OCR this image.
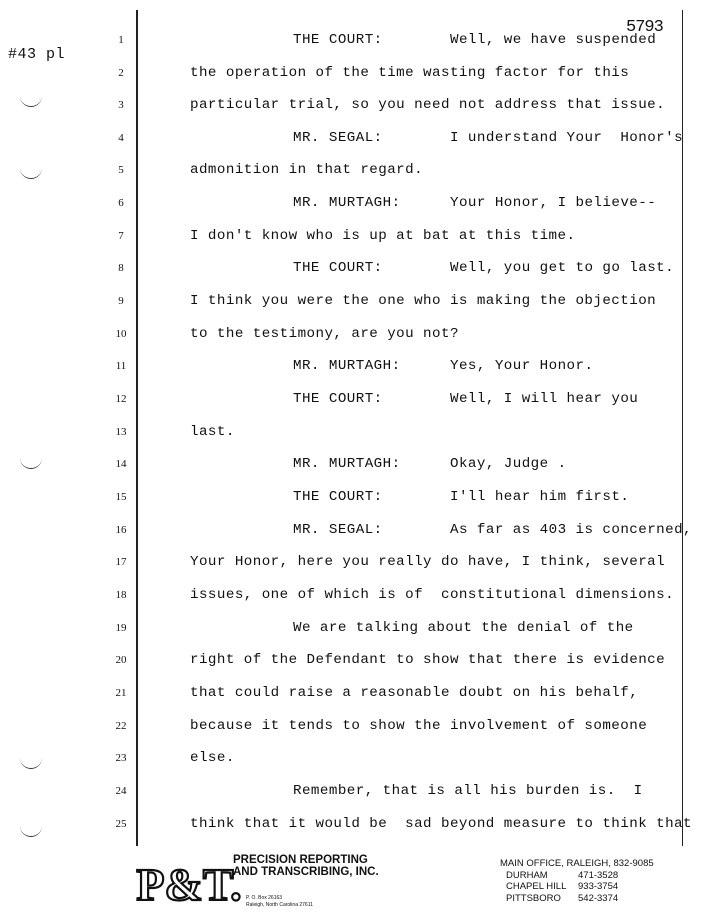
#43 pl
5793
1
2
3
4
5
6
7
8
9
10
11
12
13
14
15
16
17
18
19
20
21
22
23
24
25
THE COURT:	Well, we have suspended
the operation of the time wasting factor for this
particular trial, so you need not address that issue.
MR. SEGAL:	I understand Your  Honor's
admonition in that regard.
MR. MURTAGH:	Your Honor, I believe--
I don't know who is up at bat at this time.
THE COURT:	Well, you get to go last.
I think you were the one who is making the objection
to the testimony, are you not?
MR. MURTAGH:	Yes, Your Honor.
THE COURT:	Well, I will hear you
last.
MR. MURTAGH:	Okay, Judge .
THE COURT:	I'll hear him first.
MR. SEGAL:	As far as 403 is concerned,
Your Honor, here you really do have, I think, several
issues, one of which is of  constitutional dimensions.
We are talking about the denial of the
right of the Defendant to show that there is evidence
that could raise a reasonable doubt on his behalf,
because it tends to show the involvement of someone
else.
Remember, that is all his burden is.  I
think that it would be  sad beyond measure to think that
P&T.
PRECISION REPORTING
AND TRANSCRIBING, INC.
P. O. Box 26163
Raleigh, North Carolina 27611
MAIN OFFICE, RALEIGH, 832-9085
DURHAM	471-3528
CHAPEL HILL 933-3754
PITTSBORO 542-3374
